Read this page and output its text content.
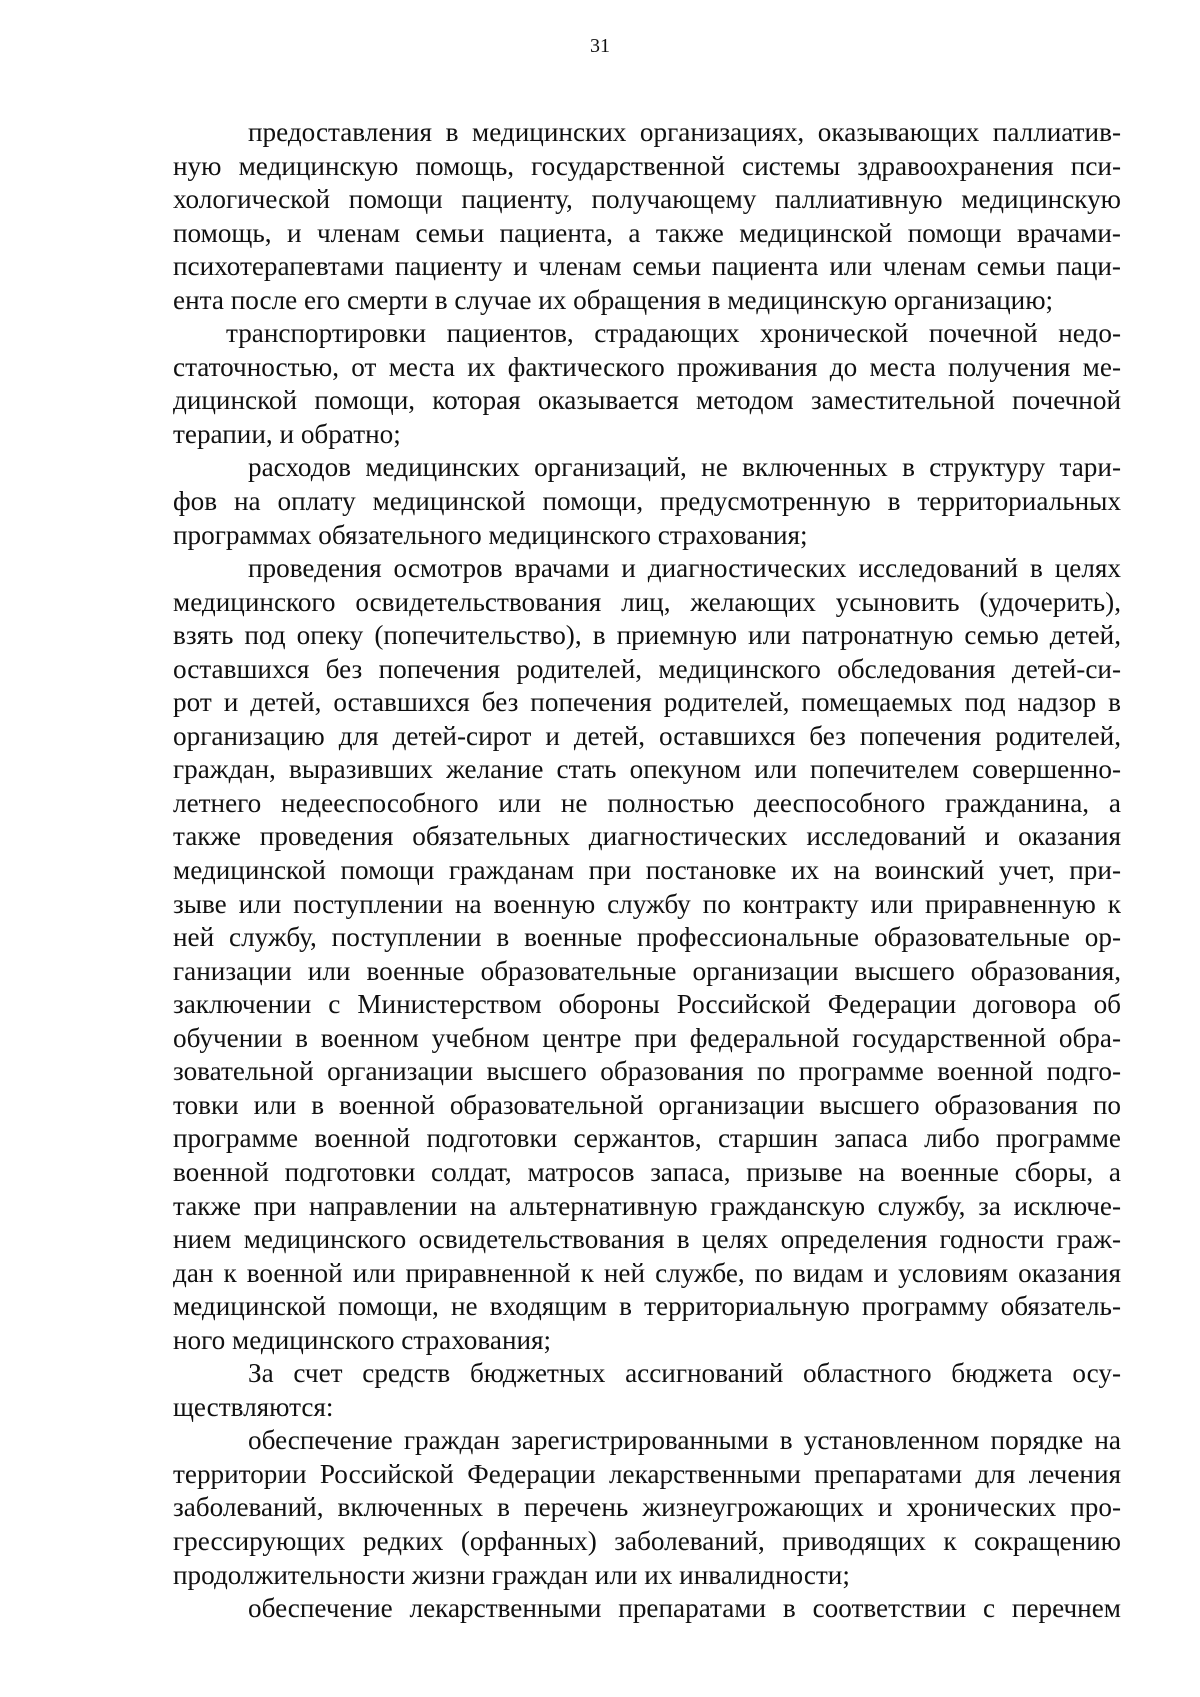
31
предоставления в медицинских организациях, оказывающих паллиатив-
ную медицинскую помощь, государственной системы здравоохранения пси-
хологической помощи пациенту, получающему паллиативную медицинскую
помощь, и членам семьи пациента, а также медицинской помощи врачами-
психотерапевтами пациенту и членам семьи пациента или членам семьи паци-
ента после его смерти в случае их обращения в медицинскую организацию;
транспортировки пациентов, страдающих хронической почечной недо-
статочностью, от места их фактического проживания до места получения ме-
дицинской помощи, которая оказывается методом заместительной почечной
терапии, и обратно;
расходов медицинских организаций, не включенных в структуру тари-
фов на оплату медицинской помощи, предусмотренную в территориальных
программах обязательного медицинского страхования;
проведения осмотров врачами и диагностических исследований в целях
медицинского освидетельствования лиц, желающих усыновить (удочерить),
взять под опеку (попечительство), в приемную или патронатную семью детей,
оставшихся без попечения родителей, медицинского обследования детей-си-
рот и детей, оставшихся без попечения родителей, помещаемых под надзор в
организацию для детей-сирот и детей, оставшихся без попечения родителей,
граждан, выразивших желание стать опекуном или попечителем совершенно-
летнего недееспособного или не полностью дееспособного гражданина, а
также проведения обязательных диагностических исследований и оказания
медицинской помощи гражданам при постановке их на воинский учет, при-
зыве или поступлении на военную службу по контракту или приравненную к
ней службу, поступлении в военные профессиональные образовательные ор-
ганизации или военные образовательные организации высшего образования,
заключении с Министерством обороны Российской Федерации договора об
обучении в военном учебном центре при федеральной государственной обра-
зовательной организации высшего образования по программе военной подго-
товки или в военной образовательной организации высшего образования по
программе военной подготовки сержантов, старшин запаса либо программе
военной подготовки солдат, матросов запаса, призыве на военные сборы, а
также при направлении на альтернативную гражданскую службу, за исключе-
нием медицинского освидетельствования в целях определения годности граж-
дан к военной или приравненной к ней службе, по видам и условиям оказания
медицинской помощи, не входящим в территориальную программу обязатель-
ного медицинского страхования;
За счет средств бюджетных ассигнований областного бюджета осу-
ществляются:
обеспечение граждан зарегистрированными в установленном порядке на
территории Российской Федерации лекарственными препаратами для лечения
заболеваний, включенных в перечень жизнеугрожающих и хронических про-
грессирующих редких (орфанных) заболеваний, приводящих к сокращению
продолжительности жизни граждан или их инвалидности;
обеспечение лекарственными препаратами в соответствии с перечнем
